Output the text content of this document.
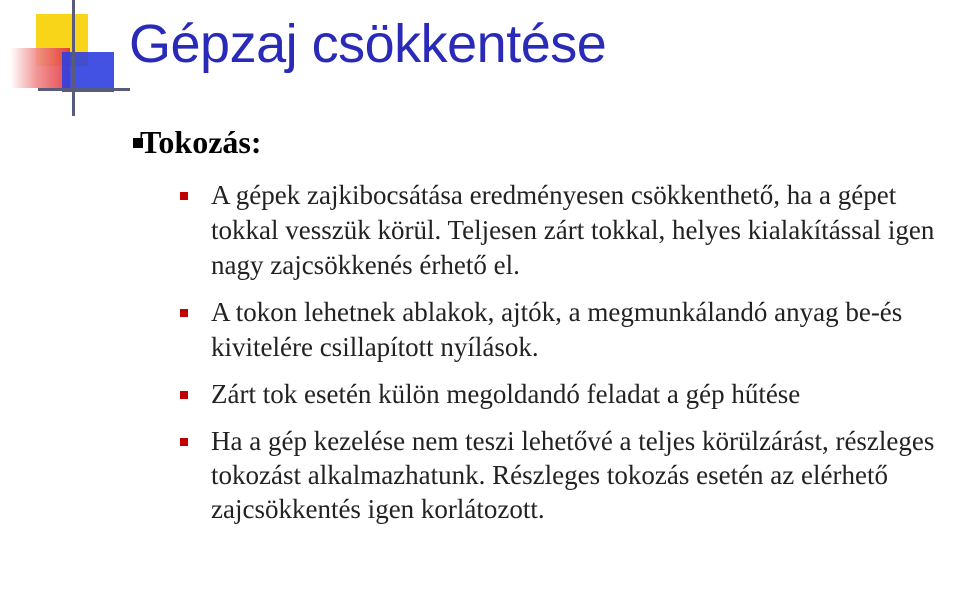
Gépzaj csökkentése
Tokozás:
A gépek zajkibocsátása eredményesen csökkenthető, ha a gépet tokkal vesszük körül. Teljesen zárt tokkal, helyes kialakítással igen nagy zajcsökkenés érhető el.
A tokon lehetnek ablakok, ajtók, a megmunkálandó anyag be-és kivitelére csillapított nyílások.
Zárt tok esetén külön megoldandó feladat a gép hűtése
Ha a gép kezelése nem teszi lehetővé a teljes körülzárást, részleges tokozást alkalmazhatunk. Részleges tokozás esetén az elérhető zajcsökkentés igen korlátozott.
